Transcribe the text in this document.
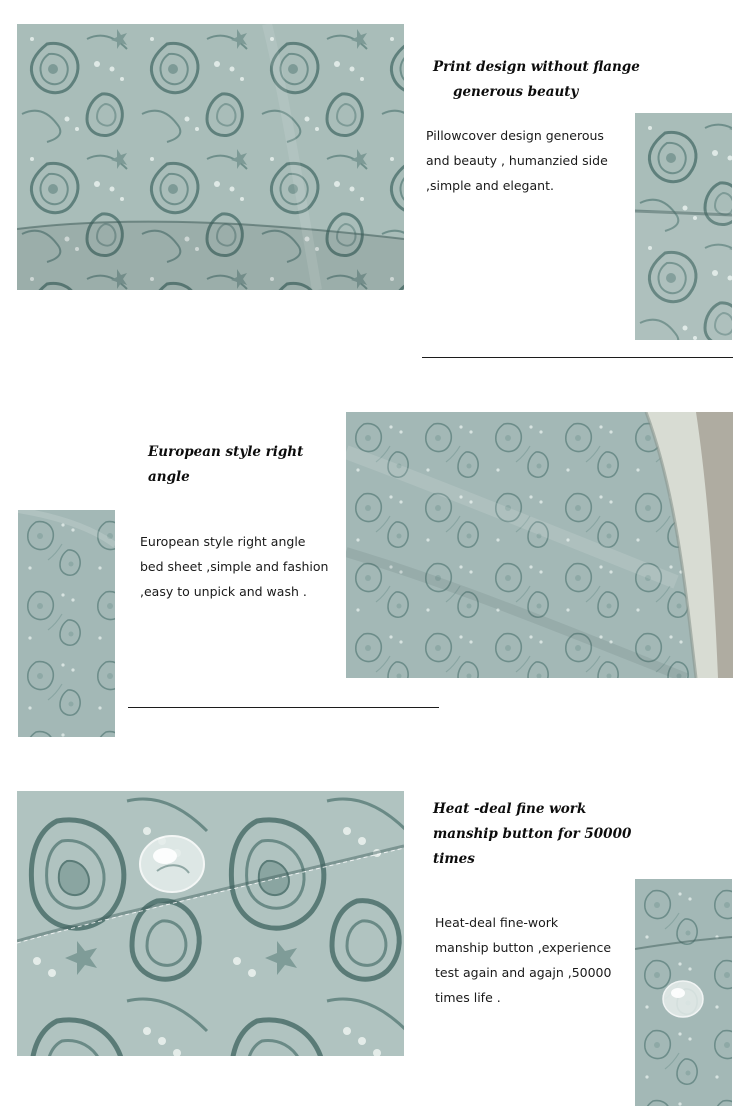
Print design without flange
generous beauty

Pillowcover design generous
and beauty , humanzied side
,simple and elegant.

European style right
angle

European style right angle
bed sheet ,simple and fashion
,easy to unpick and wash .

Heat -deal fine work
manship button for 50000
times

Heat-deal fine-work
manship button ,experience
test again and agajn ,50000
times life .
